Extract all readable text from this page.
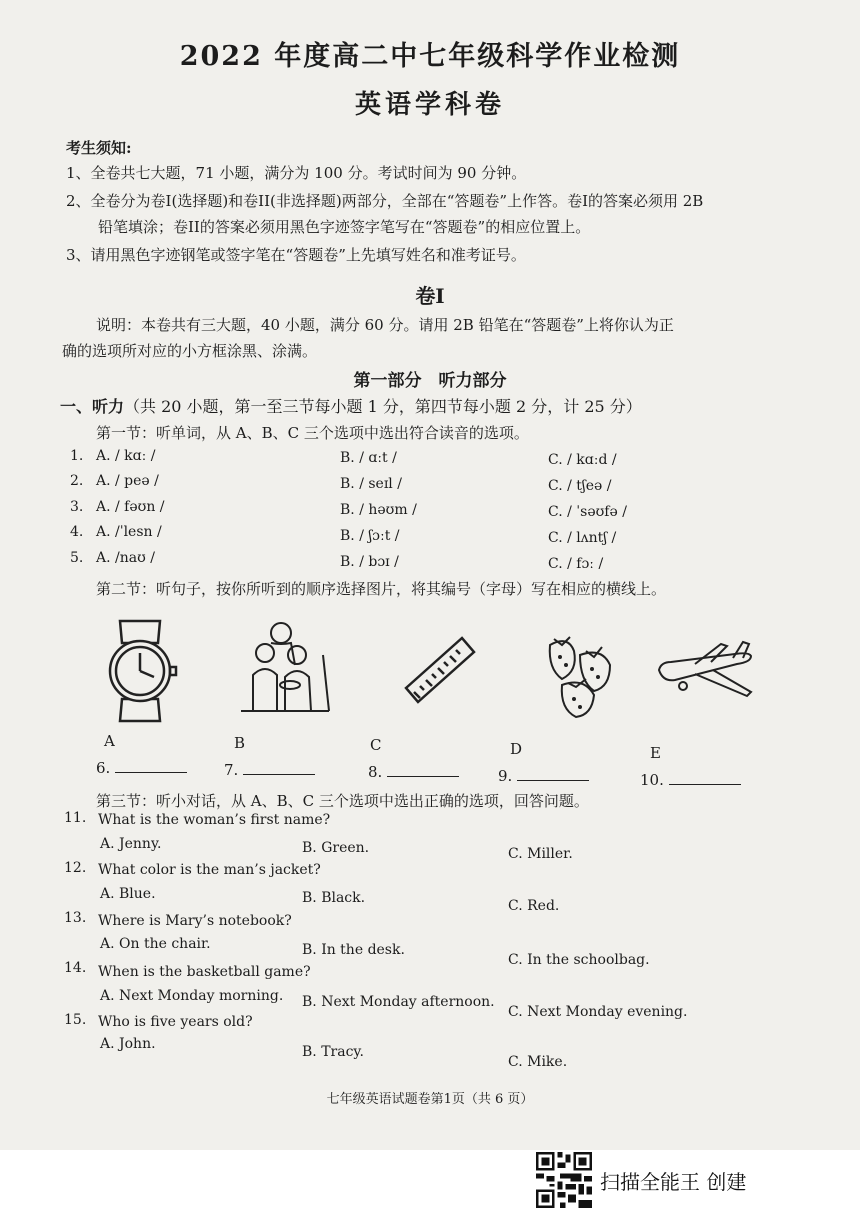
2022 年度高二中七年级科学作业检测
英语学科卷
考生须知:
1、全卷共七大题，71 小题，满分为 100 分。考试时间为 90 分钟。
2、全卷分为卷I(选择题)和卷II(非选择题)两部分，全部在“答题卷”上作答。卷I的答案必须用 2B
铅笔填涂；卷II的答案必须用黑色字迹签字笔写在“答题卷”的相应位置上。
3、请用黑色字迹钢笔或签字笔在“答题卷”上先填写姓名和准考证号。
卷I
说明：本卷共有三大题，40 小题，满分 60 分。请用 2B 铅笔在“答题卷”上将你认为正
确的选项所对应的小方框涂黑、涂满。
第一部分　听力部分
一、听力（共 20 小题，第一至三节每小题 1 分，第四节每小题 2 分，计 25 分）
第一节：听单词，从 A、B、C 三个选项中选出符合读音的选项。
1. A. / kɑː /	B. / ɑːt /	C. / kɑːd /
2. A. / peə /	B. / seɪl /	C. / tʃeə /
3. A. / fəʊn /	B. / həʊm /	C. / ˈsəʊfə /
4. A. /ˈlesn /	B. / ʃɔːt /	C. / lʌntʃ /
5. A. /naʊ /	B. / bɔɪ /	C. / fɔː /
第二节：听句子，按你所听到的顺序选择图片，将其编号（字母）写在相应的横线上。
A	B	C	D	E
6.	7.	8.	9.	10.
第三节：听小对话，从 A、B、C 三个选项中选出正确的选项，回答问题。
11. What is the woman’s first name?
A. Jenny.	B. Green.	C. Miller.
12. What color is the man’s jacket?
A. Blue.	B. Black.	C. Red.
13. Where is Mary’s notebook?
A. On the chair.	B. In the desk.
C. In the schoolbag.
14. When is the basketball game?
A. Next Monday morning. B. Next Monday afternoon.
C. Next Monday evening.
15. Who is five years old?
A. John.	B. Tracy.
C. Mike.
七年级英语试题卷第1页（共 6 页）
扫描全能王 创建
